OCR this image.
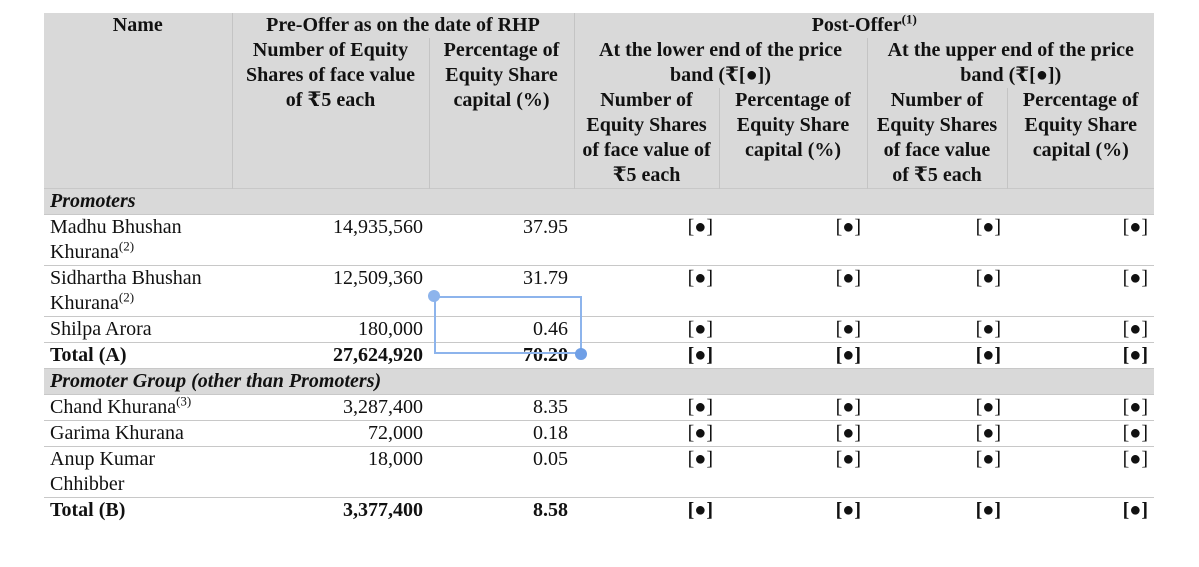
Name	Pre-Offer as on the date of RHP		Post-Offer$^{(1)}$
	Number of Equity Shares of face value of ₹5 each	Percentage of Equity Share capital (%)	At the lower end of the price band (₹[●])		At the upper end of the price band (₹[●])	
			Number of Equity Shares of face value of ₹5 each	Percentage of Equity Share capital (%)	Number of Equity Shares of face value of ₹5 each	Percentage of Equity Share capital (%)
Promoters						
Madhu Bhushan Khurana$^{(2)}$	14,935,560	37.95	[●]	[●]	[●]	[●]
Sidhartha Bhushan Khurana$^{(2)}$	12,509,360	31.79	[●]	[●]	[●]	[●]
Shilpa Arora	180,000	0.46	[●]	[●]	[●]	[●]
Total (A)	27,624,920	70.20	[●]	[●]	[●]	[●]
Promoter Group (other than Promoters)						
Chand Khurana$^{(3)}$	3,287,400	8.35	[●]	[●]	[●]	[●]
Garima Khurana	72,000	0.18	[●]	[●]	[●]	[●]
Anup Kumar Chhibber	18,000	0.05	[●]	[●]	[●]	[●]
Total (B)	3,377,400	8.58	[●]	[●]	[●]	[●]
